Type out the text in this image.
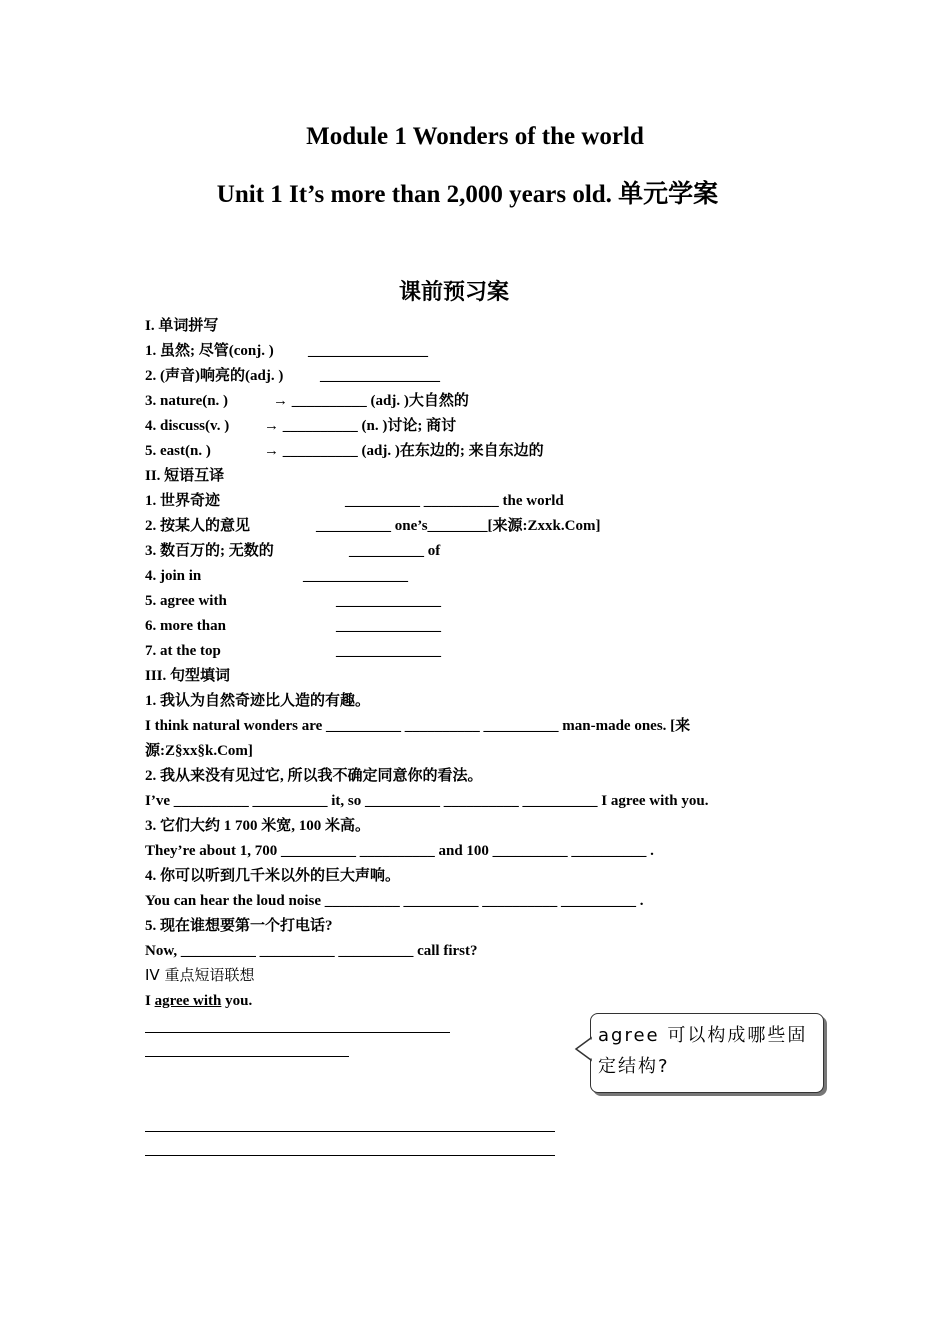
Module 1 Wonders of the world
Unit 1 It’s more than 2,000 years old. 单元学案
课前预习案
I. 单词拼写
1. 虽然; 尽管(conj. ) ________________
2. (声音)响亮的(adj. ) ________________
3. nature(n. )	→ __________ (adj. )大自然的
4. discuss(v. ) → __________ (n. )讨论; 商讨
5. east(n. )	→ __________ (adj. )在东边的; 来自东边的
II. 短语互译
1. 世界奇迹	__________ __________ the world
2. 按某人的意见	__________ one’s________[来源:Zxxk.Com]
3. 数百万的; 无数的	__________ of
4. join in	______________
5. agree with	______________
6. more than	______________
7. at the top	______________
III. 句型填词
1. 我认为自然奇迹比人造的有趣。
I think natural wonders are __________ __________ __________ man-made ones. [来
源:Z§xx§k.Com]
2. 我从来没有见过它, 所以我不确定同意你的看法。
I’ve __________ __________ it, so __________ __________ __________ I agree with you.
3. 它们大约 1 700 米宽, 100 米高。
They’re about 1, 700 __________ __________ and 100 __________ __________ .
4. 你可以听到几千米以外的巨大声响。
You can hear the loud noise __________ __________ __________ __________ .
5. 现在谁想要第一个打电话?
Now, __________ __________ __________ call first?
IV 重点短语联想
I agree with you.
agree 可以构成哪些固定结构?
